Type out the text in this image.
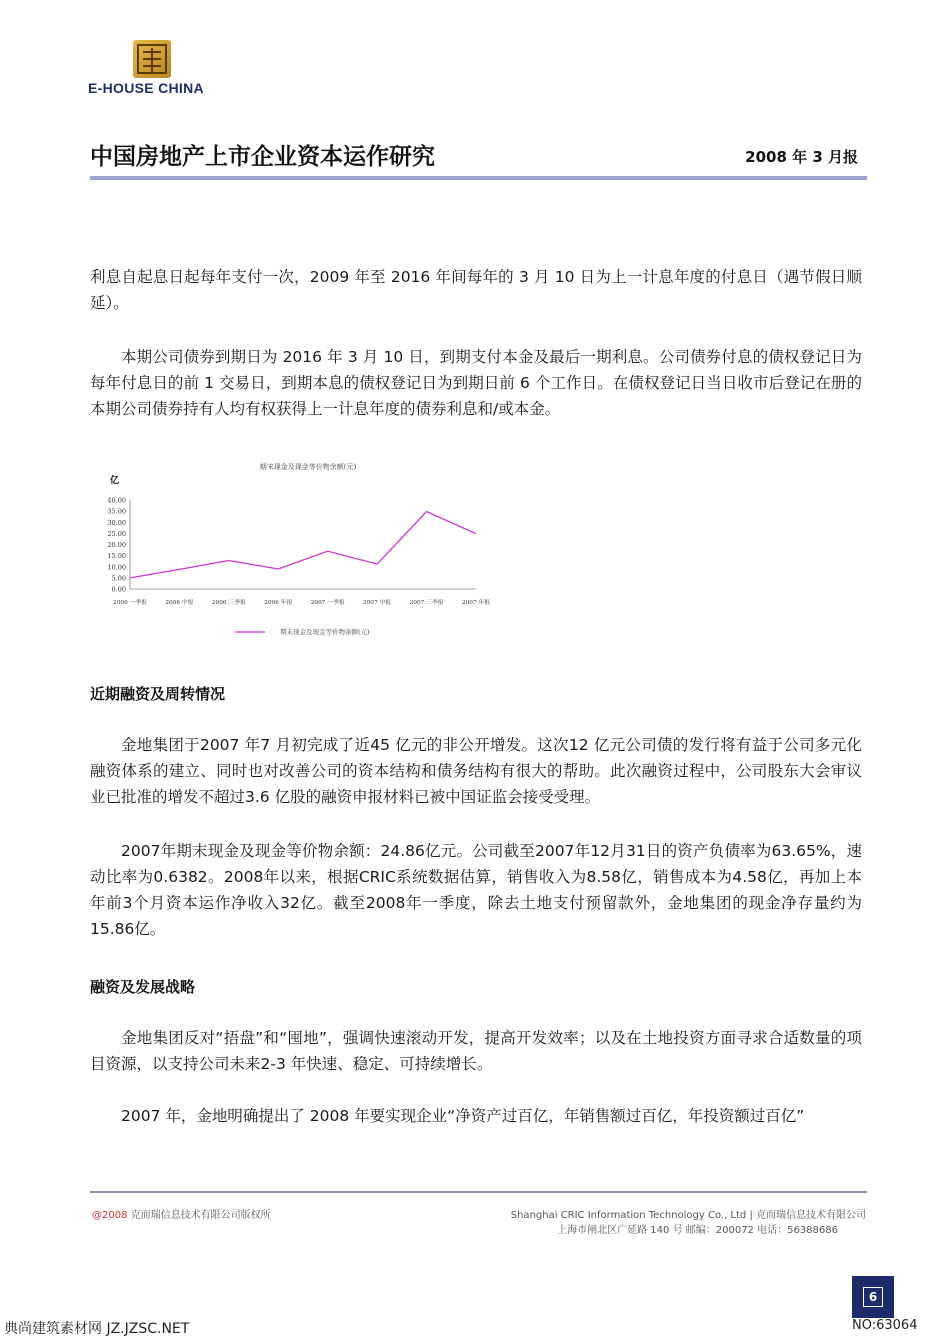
E-HOUSE CHINA
中国房地产上市企业资本运作研究	2008 年 3 月报

利息自起息日起每年支付一次，2009 年至 2016 年间每年的 3 月 10 日为上一计息年度的付息日（遇节假日顺延）。

本期公司债券到期日为 2016 年 3 月 10 日，到期支付本金及最后一期利息。公司债券付息的债权登记日为每年付息日的前 1 交易日，到期本息的债权登记日为到期日前 6 个工作日。在债权登记日当日收市后登记在册的本期公司债券持有人均有权获得上一计息年度的债券利息和/或本金。

期末现金及现金等价物余额(元)
亿
0.00
5.00
10.00
15.00
20.00
25.00
30.00
35.00
40.00
2006 一季报	2006 中报	2006 三季报	2006 年报	2007 一季报	2007 中报	2007 三季报	2007 年报
期末现金及现金等价物余额(元)
近期融资及周转情况

金地集团于2007 年7 月初完成了近45 亿元的非公开增发。这次12 亿元公司债的发行将有益于公司多元化融资体系的建立、同时也对改善公司的资本结构和债务结构有很大的帮助。此次融资过程中，公司股东大会审议业已批准的增发不超过3.6 亿股的融资申报材料已被中国证监会接受受理。

2007年期末现金及现金等价物余额：24.86亿元。公司截至2007年12月31日的资产负债率为63.65%，速动比率为0.6382。2008年以来，根据CRIC系统数据估算，销售收入为8.58亿，销售成本为4.58亿，再加上本年前3个月资本运作净收入32亿。截至2008年一季度，除去土地支付预留款外，金地集团的现金净存量约为15.86亿。

融资及发展战略

金地集团反对“捂盘”和“囤地”，强调快速滚动开发，提高开发效率；以及在土地投资方面寻求合适数量的项目资源，以支持公司未来2-3 年快速、稳定、可持续增长。

2007 年，金地明确提出了 2008 年要实现企业“净资产过百亿，年销售额过百亿，年投资额过百亿”

@2008 克而瑞信息技术有限公司版权所	Shanghai CRIC Information Technology Co., Ltd | 克而瑞信息技术有限公司
上海市闸北区广延路 140 号 邮编：200072 电话：56388686
6
典尚建筑素材网 JZ.JZSC.NET	NO:63064
